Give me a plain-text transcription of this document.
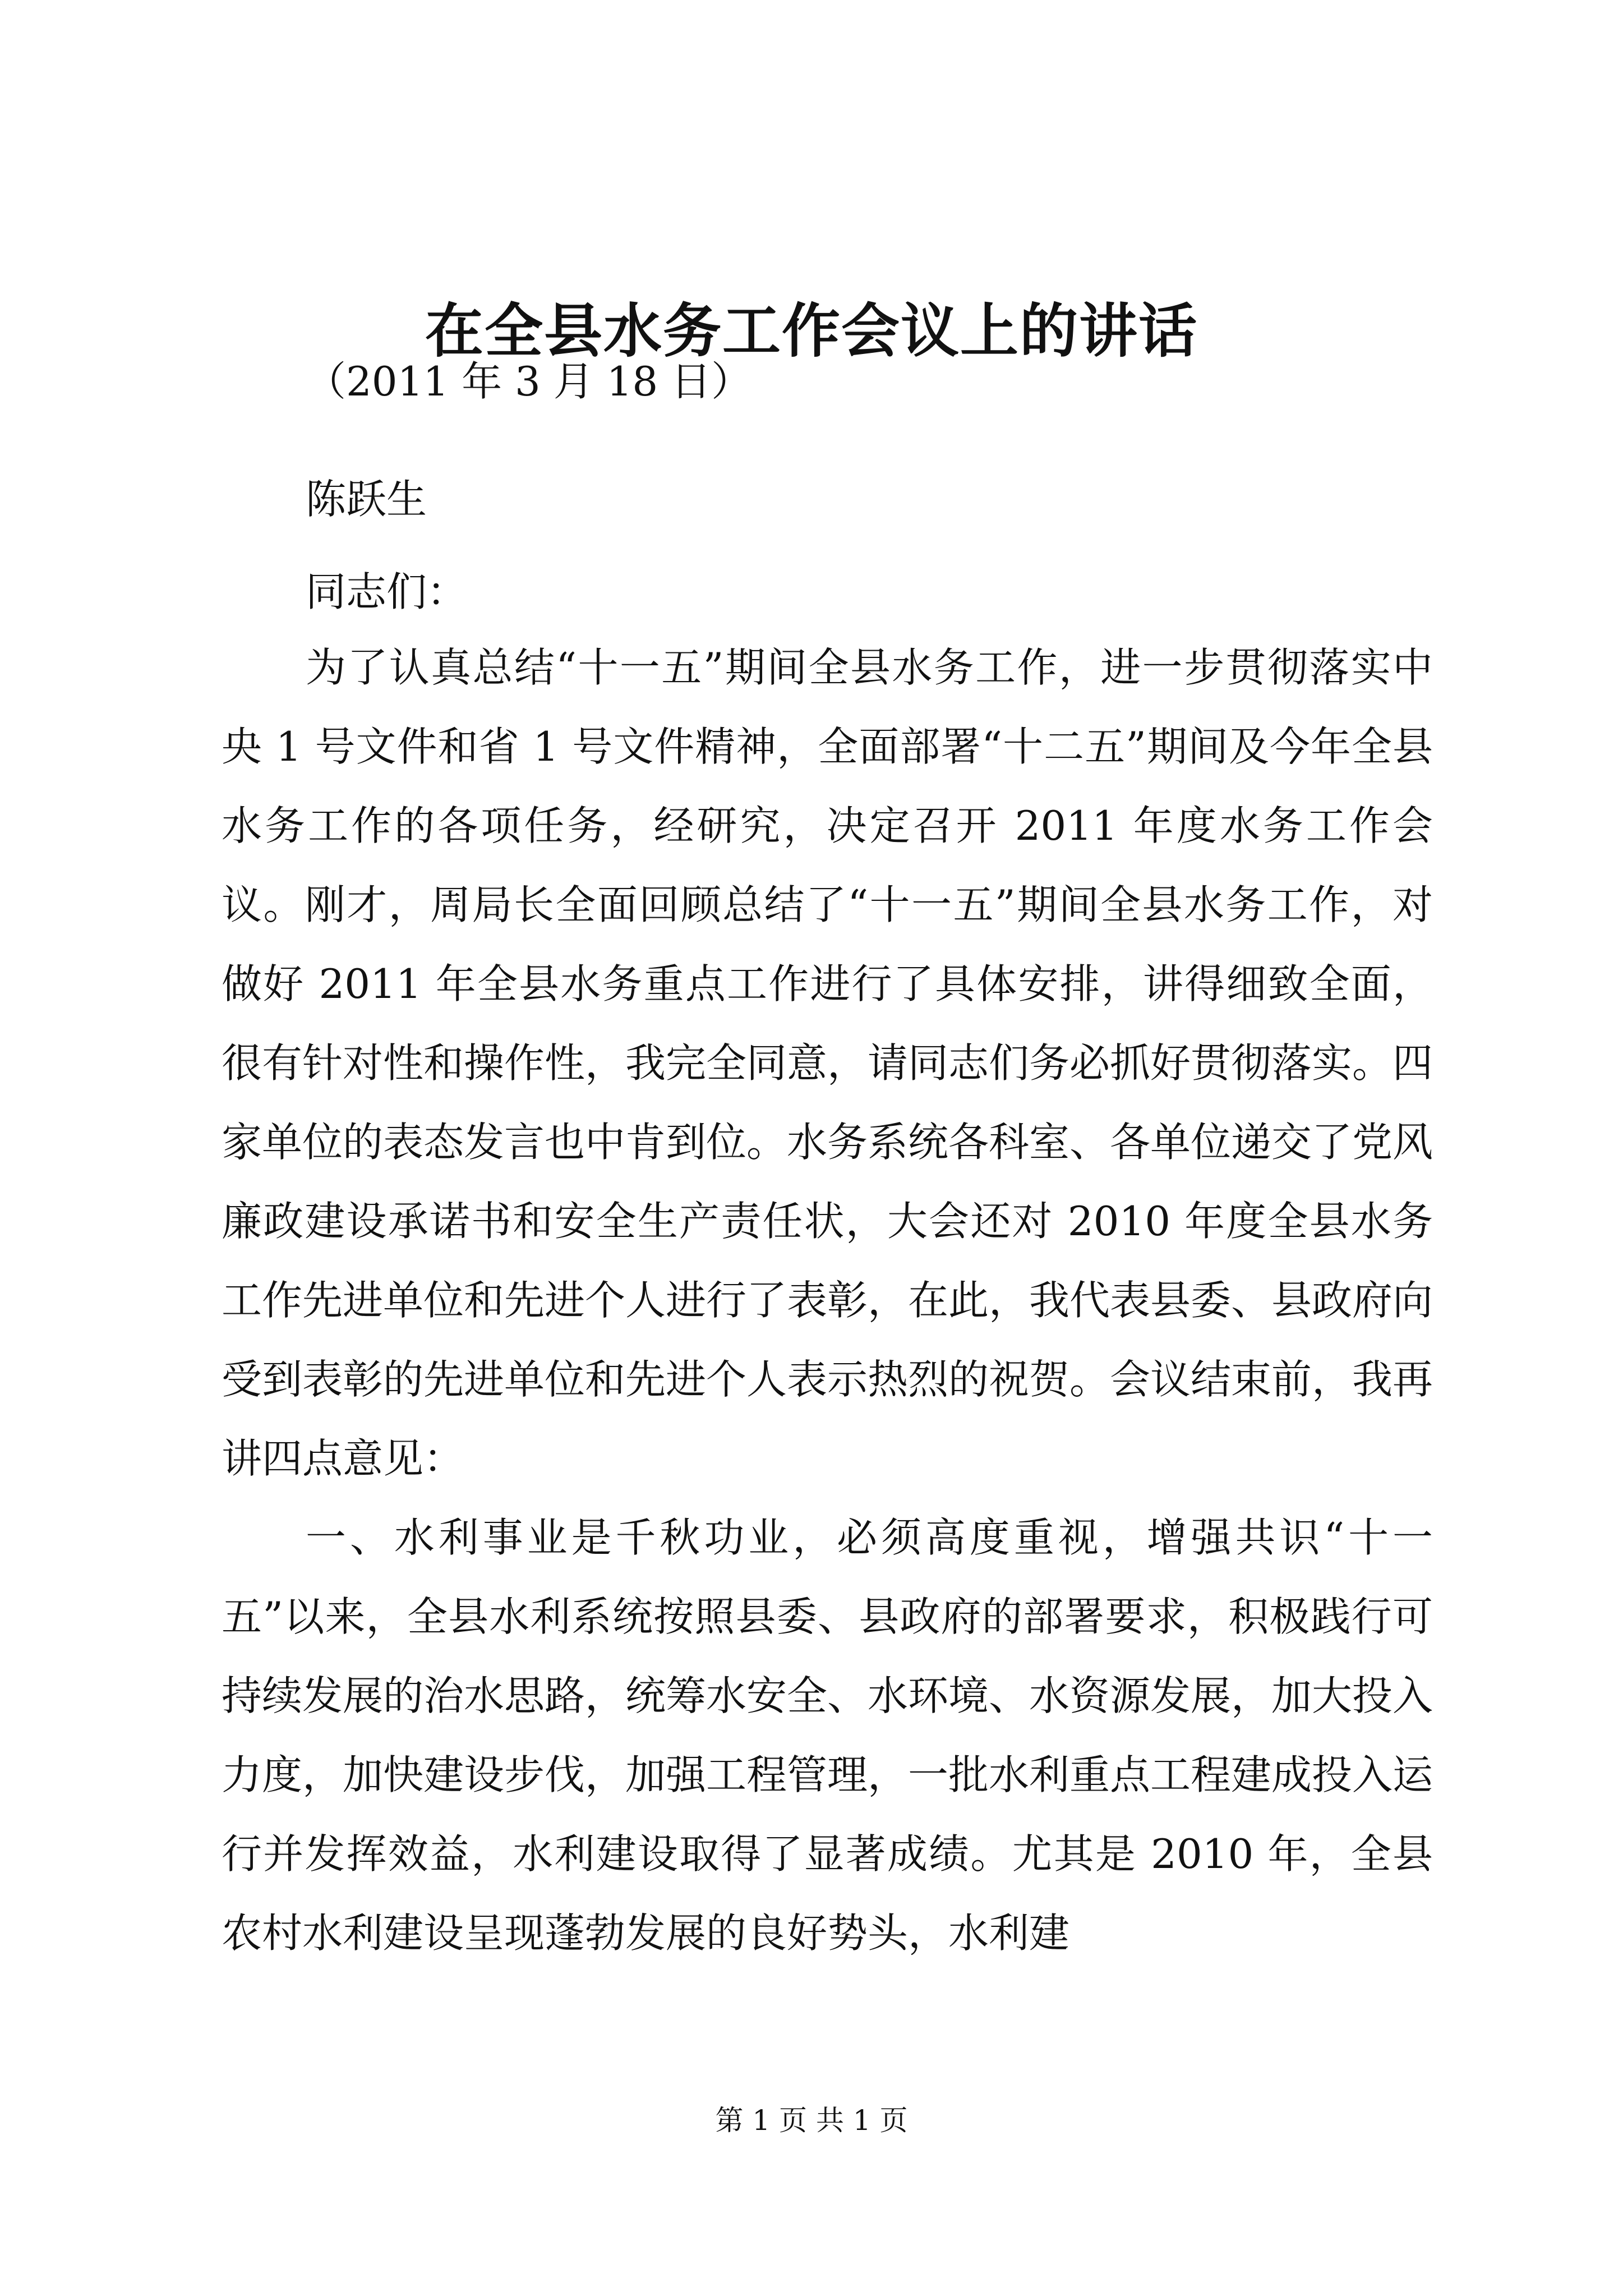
在全县水务工作会议上的讲话
（2011 年 3 月 18 日）
陈跃生
同志们：

为了认真总结“十一五”期间全县水务工作，进一步贯彻落实中央 1 号文件和省 1 号文件精神，全面部署“十二五”期间及今年全县水务工作的各项任务，经研究，决定召开 2011 年度水务工作会议。刚才，周局长全面回顾总结了“十一五”期间全县水务工作，对做好 2011 年全县水务重点工作进行了具体安排，讲得细致全面，很有针对性和操作性，我完全同意，请同志们务必抓好贯彻落实。四家单位的表态发言也中肯到位。水务系统各科室、各单位递交了党风廉政建设承诺书和安全生产责任状，大会还对 2010 年度全县水务工作先进单位和先进个人进行了表彰，在此，我代表县委、县政府向受到表彰的先进单位和先进个人表示热烈的祝贺。会议结束前，我再讲四点意见：

一、水利事业是千秋功业，必须高度重视，增强共识“十一五”以来，全县水利系统按照县委、县政府的部署要求，积极践行可持续发展的治水思路，统筹水安全、水环境、水资源发展，加大投入力度，加快建设步伐，加强工程管理，一批水利重点工程建成投入运行并发挥效益，水利建设取得了显著成绩。尤其是 2010 年，全县农村水利建设呈现蓬勃发展的良好势头，水利建

第 1 页 共 1 页
